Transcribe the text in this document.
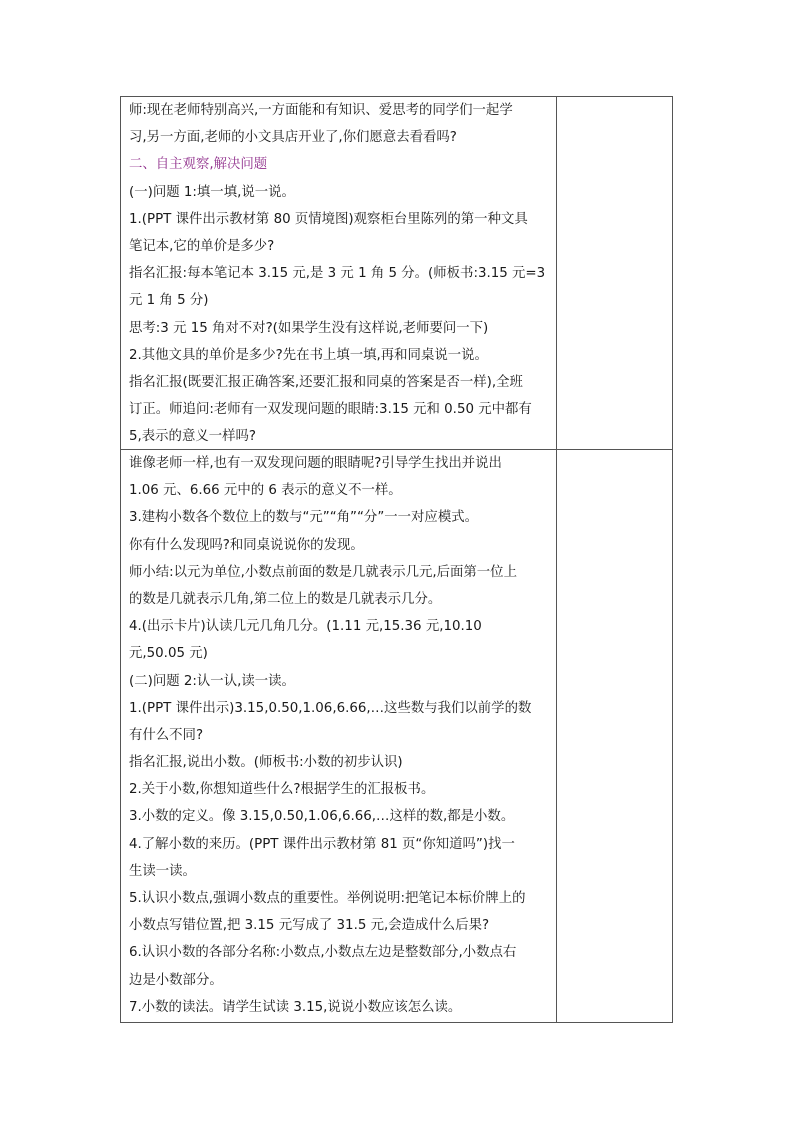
师:现在老师特别高兴,一方面能和有知识、爱思考的同学们一起学
习,另一方面,老师的小文具店开业了,你们愿意去看看吗?
二、自主观察,解决问题
(一)问题 1:填一填,说一说。
1.(PPT 课件出示教材第 80 页情境图)观察柜台里陈列的第一种文具
笔记本,它的单价是多少?
指名汇报:每本笔记本 3.15 元,是 3 元 1 角 5 分。(师板书:3.15 元=3
元 1 角 5 分)
思考:3 元 15 角对不对?(如果学生没有这样说,老师要问一下)
2.其他文具的单价是多少?先在书上填一填,再和同桌说一说。
指名汇报(既要汇报正确答案,还要汇报和同桌的答案是否一样),全班
订正。师追问:老师有一双发现问题的眼睛:3.15 元和 0.50 元中都有
5,表示的意义一样吗?
谁像老师一样,也有一双发现问题的眼睛呢?引导学生找出并说出
1.06 元、6.66 元中的 6 表示的意义不一样。
3.建构小数各个数位上的数与“元”“角”“分”一一对应模式。
你有什么发现吗?和同桌说说你的发现。
师小结:以元为单位,小数点前面的数是几就表示几元,后面第一位上
的数是几就表示几角,第二位上的数是几就表示几分。
4.(出示卡片)认读几元几角几分。(1.11 元,15.36 元,10.10
元,50.05 元)
(二)问题 2:认一认,读一读。
1.(PPT 课件出示)3.15,0.50,1.06,6.66,…这些数与我们以前学的数
有什么不同?
指名汇报,说出小数。(师板书:小数的初步认识)
2.关于小数,你想知道些什么?根据学生的汇报板书。
3.小数的定义。像 3.15,0.50,1.06,6.66,…这样的数,都是小数。
4.了解小数的来历。(PPT 课件出示教材第 81 页“你知道吗”)找一
生读一读。
5.认识小数点,强调小数点的重要性。举例说明:把笔记本标价牌上的
小数点写错位置,把 3.15 元写成了 31.5 元,会造成什么后果?
6.认识小数的各部分名称:小数点,小数点左边是整数部分,小数点右
边是小数部分。
7.小数的读法。请学生试读 3.15,说说小数应该怎么读。
